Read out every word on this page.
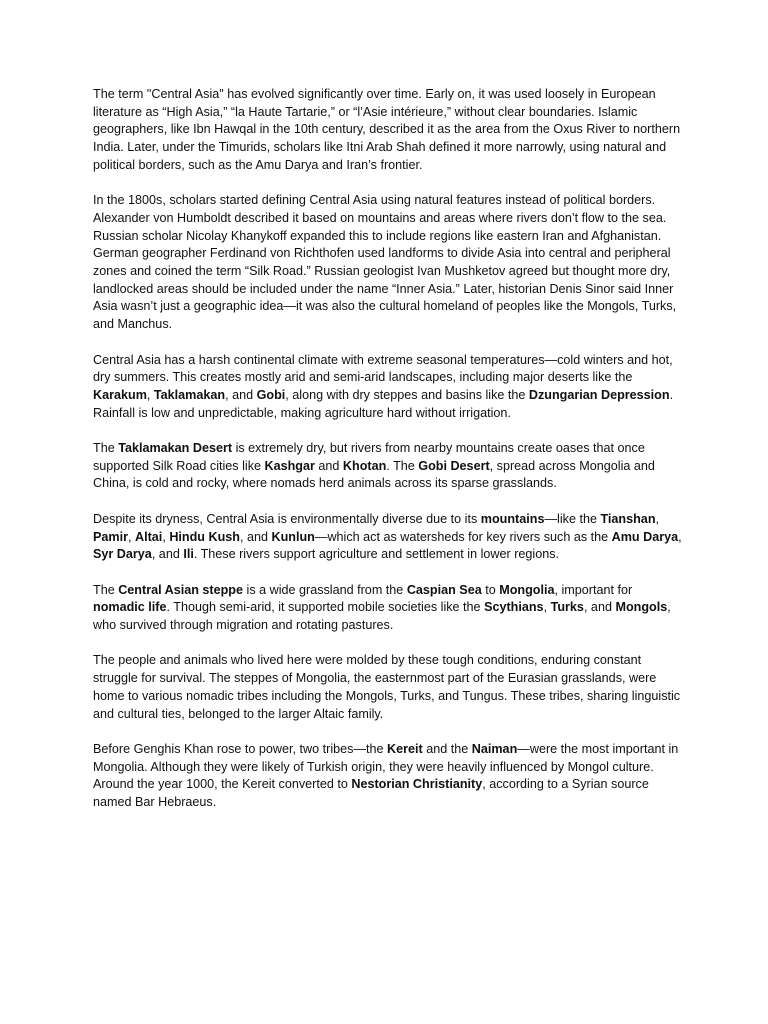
The term "Central Asia" has evolved significantly over time. Early on, it was used loosely in European literature as “High Asia,” “la Haute Tartarie,” or “l’Asie intérieure,” without clear boundaries. Islamic geographers, like Ibn Hawqal in the 10th century, described it as the area from the Oxus River to northern India. Later, under the Timurids, scholars like Itni Arab Shah defined it more narrowly, using natural and political borders, such as the Amu Darya and Iran’s frontier.

In the 1800s, scholars started defining Central Asia using natural features instead of political borders. Alexander von Humboldt described it based on mountains and areas where rivers don’t flow to the sea. Russian scholar Nicolay Khanykoff expanded this to include regions like eastern Iran and Afghanistan. German geographer Ferdinand von Richthofen used landforms to divide Asia into central and peripheral zones and coined the term “Silk Road.” Russian geologist Ivan Mushketov agreed but thought more dry, landlocked areas should be included under the name “Inner Asia.” Later, historian Denis Sinor said Inner Asia wasn’t just a geographic idea—it was also the cultural homeland of peoples like the Mongols, Turks, and Manchus.

Central Asia has a harsh continental climate with extreme seasonal temperatures—cold winters and hot, dry summers. This creates mostly arid and semi-arid landscapes, including major deserts like the Karakum, Taklamakan, and Gobi, along with dry steppes and basins like the Dzungarian Depression. Rainfall is low and unpredictable, making agriculture hard without irrigation.

The Taklamakan Desert is extremely dry, but rivers from nearby mountains create oases that once supported Silk Road cities like Kashgar and Khotan. The Gobi Desert, spread across Mongolia and China, is cold and rocky, where nomads herd animals across its sparse grasslands.

Despite its dryness, Central Asia is environmentally diverse due to its mountains—like the Tianshan, Pamir, Altai, Hindu Kush, and Kunlun—which act as watersheds for key rivers such as the Amu Darya, Syr Darya, and Ili. These rivers support agriculture and settlement in lower regions.

The Central Asian steppe is a wide grassland from the Caspian Sea to Mongolia, important for nomadic life. Though semi-arid, it supported mobile societies like the Scythians, Turks, and Mongols, who survived through migration and rotating pastures.

The people and animals who lived here were molded by these tough conditions, enduring constant struggle for survival. The steppes of Mongolia, the easternmost part of the Eurasian grasslands, were home to various nomadic tribes including the Mongols, Turks, and Tungus. These tribes, sharing linguistic and cultural ties, belonged to the larger Altaic family.

Before Genghis Khan rose to power, two tribes—the Kereit and the Naiman—were the most important in Mongolia. Although they were likely of Turkish origin, they were heavily influenced by Mongol culture. Around the year 1000, the Kereit converted to Nestorian Christianity, according to a Syrian source named Bar Hebraeus.
